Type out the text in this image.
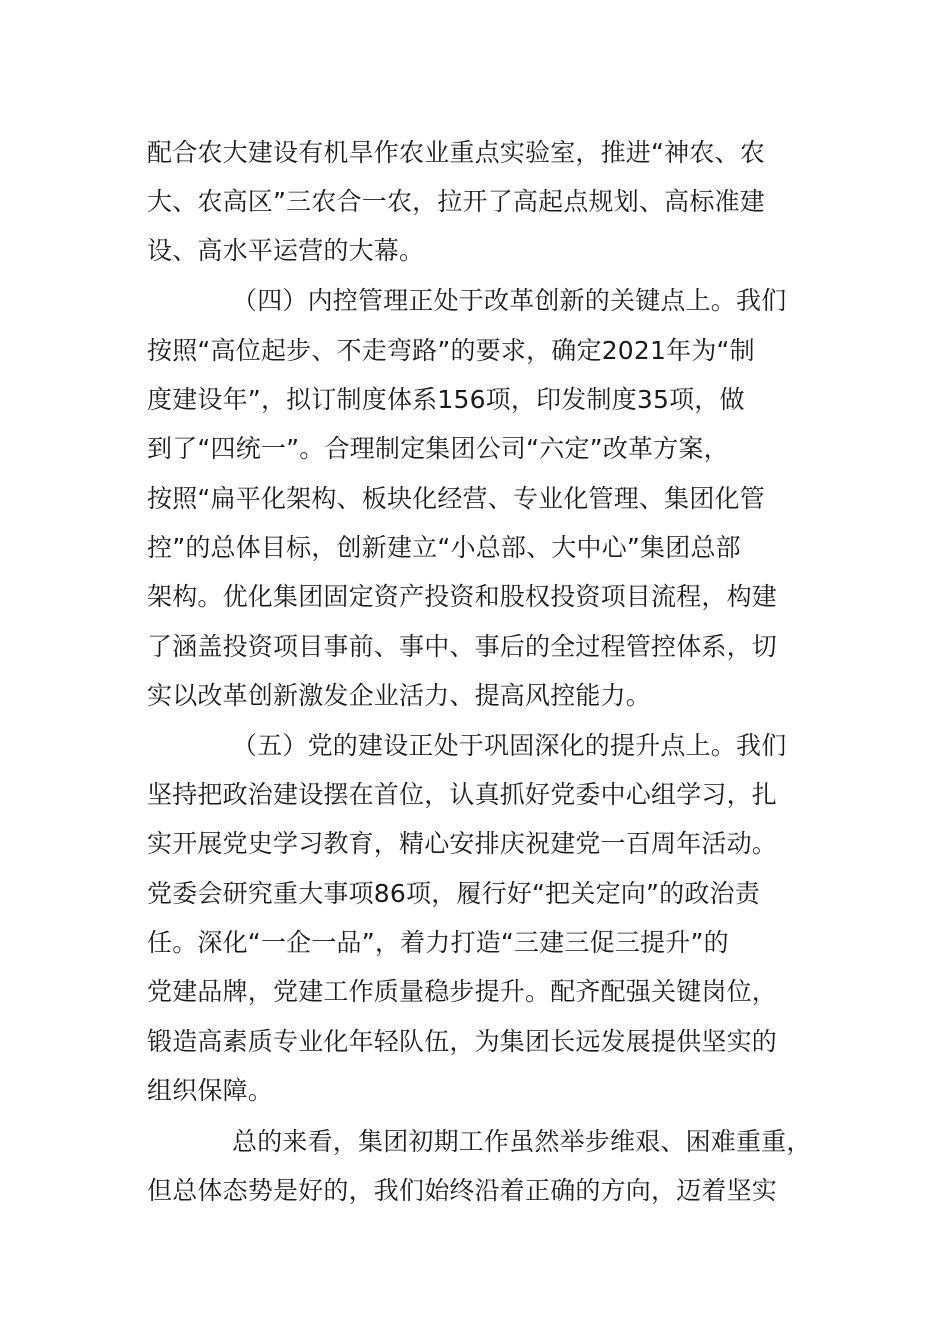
配合农大建设有机旱作农业重点实验室，推进“神农、农
大、农高区”三农合一农，拉开了高起点规划、高标准建
设、高水平运营的大幕。
（四）内控管理正处于改革创新的关键点上。我们
按照“高位起步、不走弯路”的要求，确定2021年为“制
度建设年”，拟订制度体系156项，印发制度35项，做
到了“四统一”。合理制定集团公司“六定”改革方案，
按照“扁平化架构、板块化经营、专业化管理、集团化管
控”的总体目标，创新建立“小总部、大中心”集团总部
架构。优化集团固定资产投资和股权投资项目流程，构建
了涵盖投资项目事前、事中、事后的全过程管控体系，切
实以改革创新激发企业活力、提高风控能力。
（五）党的建设正处于巩固深化的提升点上。我们
坚持把政治建设摆在首位，认真抓好党委中心组学习，扎
实开展党史学习教育，精心安排庆祝建党一百周年活动。
党委会研究重大事项86项，履行好“把关定向”的政治责
任。深化“一企一品”，着力打造“三建三促三提升”的
党建品牌，党建工作质量稳步提升。配齐配强关键岗位，
锻造高素质专业化年轻队伍，为集团长远发展提供坚实的
组织保障。
总的来看，集团初期工作虽然举步维艰、困难重重，
但总体态势是好的，我们始终沿着正确的方向，迈着坚实
